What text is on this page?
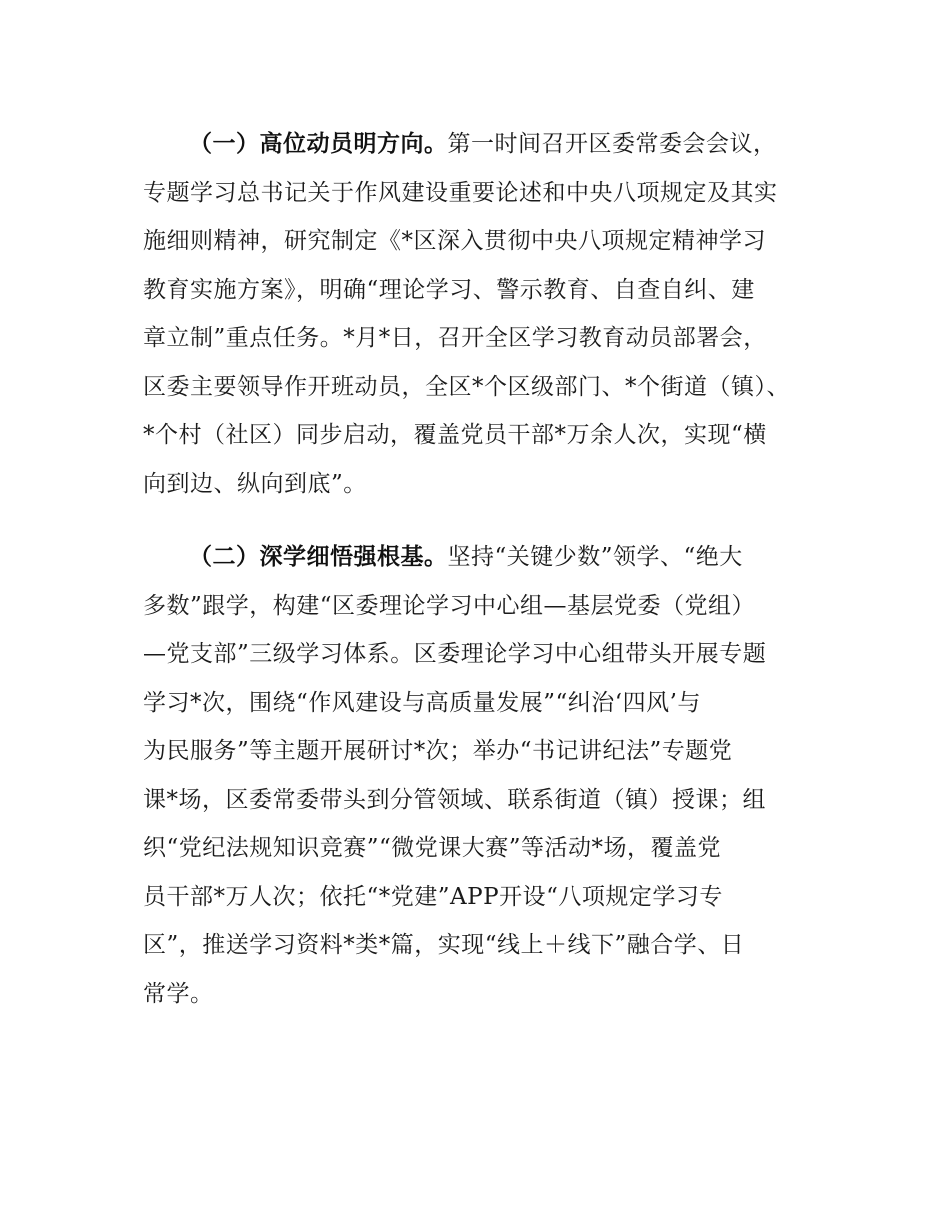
（一）高位动员明方向。第一时间召开区委常委会会议，
专题学习总书记关于作风建设重要论述和中央八项规定及其实
施细则精神，研究制定《*区深入贯彻中央八项规定精神学习
教育实施方案》，明确“理论学习、警示教育、自查自纠、建
章立制”重点任务。*月*日，召开全区学习教育动员部署会，
区委主要领导作开班动员，全区*个区级部门、*个街道（镇）、
*个村（社区）同步启动，覆盖党员干部*万余人次，实现“横
向到边、纵向到底”。

（二）深学细悟强根基。坚持“关键少数”领学、“绝大
多数”跟学，构建“区委理论学习中心组—基层党委（党组）
—党支部”三级学习体系。区委理论学习中心组带头开展专题
学习*次，围绕“作风建设与高质量发展”“纠治‘四风’与
为民服务”等主题开展研讨*次；举办“书记讲纪法”专题党
课*场，区委常委带头到分管领域、联系街道（镇）授课；组
织“党纪法规知识竞赛”“微党课大赛”等活动*场，覆盖党
员干部*万人次；依托“*党建”APP开设“八项规定学习专
区”，推送学习资料*类*篇，实现“线上＋线下”融合学、日
常学。
